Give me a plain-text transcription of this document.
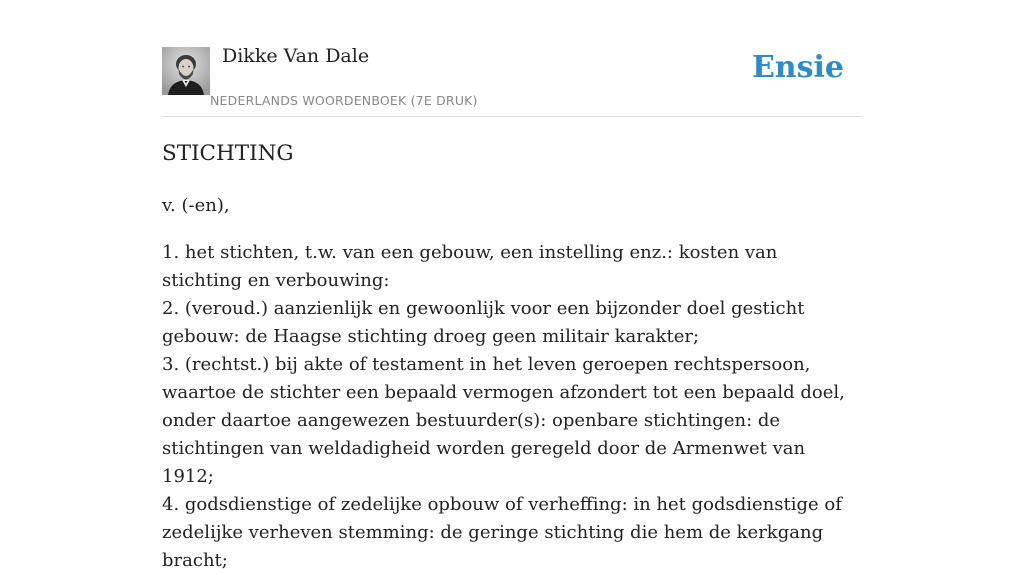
Dikke Van Dale
NEDERLANDS WOORDENBOEK (7E DRUK)
Ensie
STICHTING

v. (-en),

1. het stichten, t.w. van een gebouw, een instelling enz.: kosten van stichting en verbouwing:
2. (veroud.) aanzienlijk en gewoonlijk voor een bijzonder doel gesticht gebouw: de Haagse stichting droeg geen militair karakter;
3. (rechtst.) bij akte of testament in het leven geroepen rechtspersoon, waartoe de stichter een bepaald vermogen afzondert tot een bepaald doel, onder daartoe aangewezen bestuurder(s): openbare stichtingen: de stichtingen van weldadigheid worden geregeld door de Armenwet van 1912;
4. godsdienstige of zedelijke opbouw of verheffing: in het godsdienstige of zedelijke verheven stemming: de geringe stichting die hem de kerkgang bracht;
